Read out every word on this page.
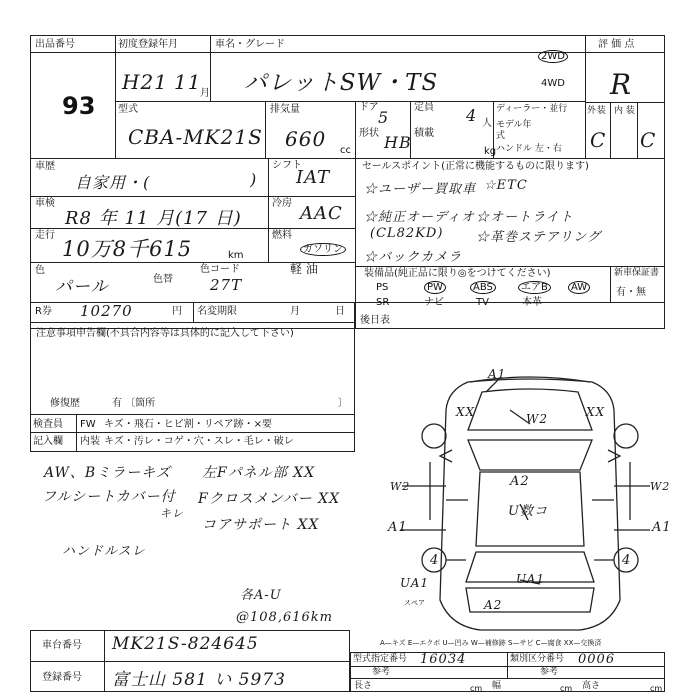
出品番号
93
初度登録年月
H21 11
月
車名・グレード
パレットSW・TS
2WD
4WD
評 価 点
R
型式
CBA-MK21S
排気量
660 cc
ドア
5
形状 HB
定員 4 人
積載
kg
ディーラー・並行
モデル年式
ハンドル 左・右
外 装 内 装
C C
車歴
自家用・(	)
車検
R8 年 11 月(17 日)
走行
10万8千615	km
色
パール	色替
色コード
27T
シフト
IAT
冷房 AAC
燃料
ガソリン
軽 油
R券 10270	円 名変期限	月	日
セールスポイント(正常に機能するものに限ります)
☆ユーザー買取車 ☆ETC
☆純正オーディオ ☆オートライト
(CL82KD)	☆革巻ステアリング
☆バックカメラ
装備品(純正品に限り◎をつけてください)
PS	PW	ABS	エアB	AW
SR	ナビ	TV	本革
新車保証書
有・無
後日表
注意事項申告欄(不具合内容等は具体的に記入して下さい)
修復歴	有 〔箇所	〕
検査員
記入欄
FW キズ・飛石・ヒビ割・リペア跡・×要
内装 キズ・汚レ・コゲ・穴・スレ・毛レ・破レ
AW、Bミラーキズ
フルシートカバー付
キレ
ハンドルスレ
左Fパネル部 XX
Fクロスメンバー XX
コアサポート XX
各A-U
@108,616km
A1
XX	W2	XX
W2	W2
A2
U数コ
A1	A1
4	4
UA1	UA1
A2
スペア
A—キズ E—エクボ U—凹み W—補修跡 S—サビ C—腐食 XX—交換済
車台番号 MK21S-824645
登録番号 富士山 581 い 5973
型式指定番号 16034	類別区分番号 0006
参考	参考
長さ	cm 幅	cm 高さ	cm
